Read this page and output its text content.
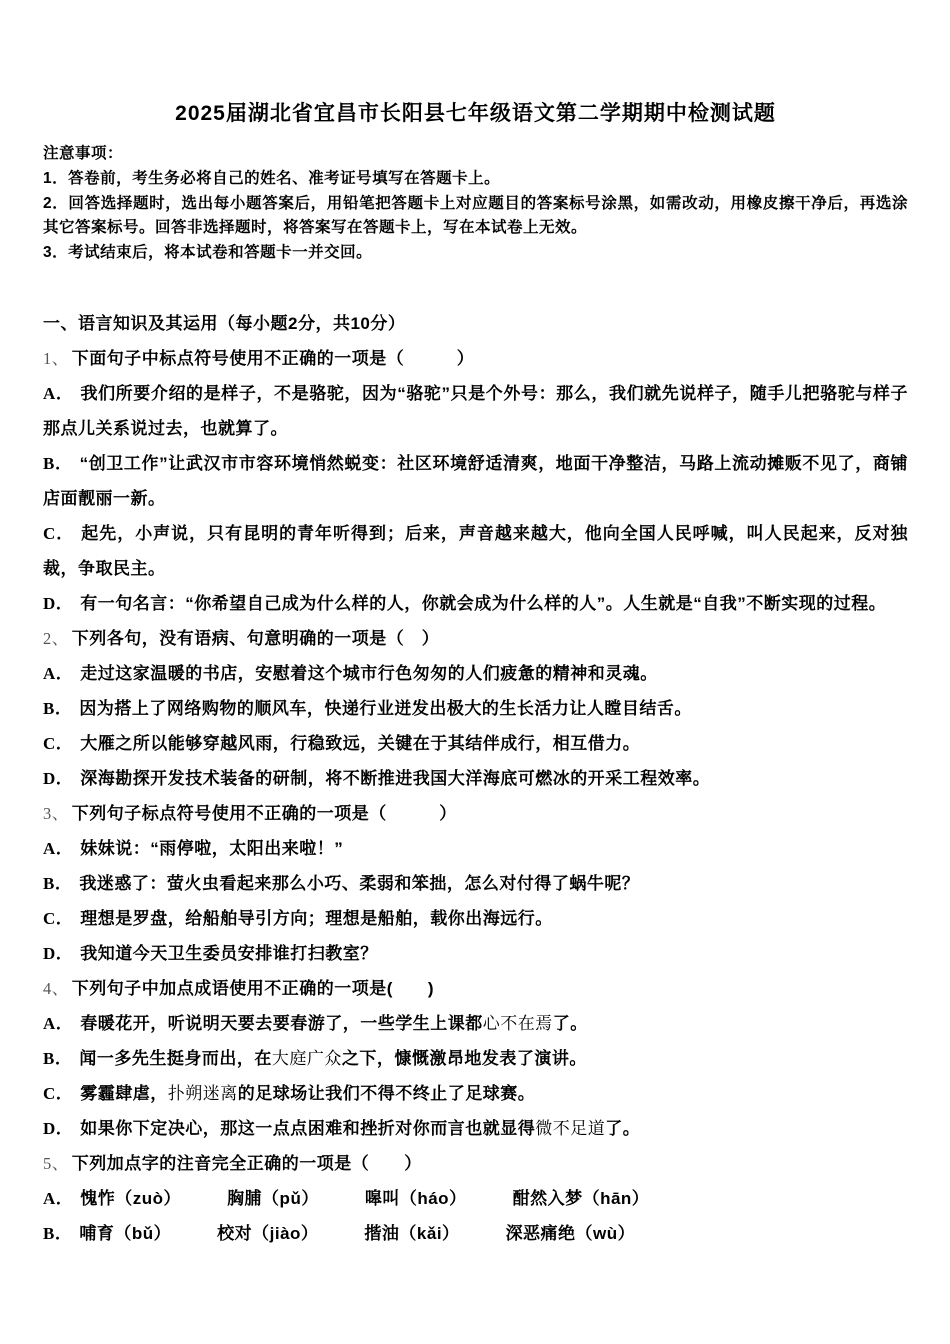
2025届湖北省宜昌市长阳县七年级语文第二学期期中检测试题
注意事项：
1．答卷前，考生务必将自己的姓名、准考证号填写在答题卡上。
2．回答选择题时，选出每小题答案后，用铅笔把答题卡上对应题目的答案标号涂黑，如需改动，用橡皮擦干净后，再选涂其它答案标号。回答非选择题时，将答案写在答题卡上，写在本试卷上无效。
3．考试结束后，将本试卷和答题卡一并交回。
一、语言知识及其运用（每小题2分，共10分）
1、 下面句子中标点符号使用不正确的一项是（　　　）
A． 我们所要介绍的是样子，不是骆驼，因为“骆驼”只是个外号：那么，我们就先说样子，随手儿把骆驼与样子那点儿关系说过去，也就算了。
B． “创卫工作”让武汉市市容环境悄然蜕变：社区环境舒适清爽，地面干净整洁，马路上流动摊贩不见了，商铺店面靓丽一新。
C． 起先，小声说，只有昆明的青年听得到；后来，声音越来越大，他向全国人民呼喊，叫人民起来，反对独裁，争取民主。
D． 有一句名言：“你希望自己成为什么样的人，你就会成为什么样的人”。人生就是“自我”不断实现的过程。
2、 下列各句，没有语病、句意明确的一项是（　）
A． 走过这家温暖的书店，安慰着这个城市行色匆匆的人们疲惫的精神和灵魂。
B． 因为搭上了网络购物的顺风车，快递行业迸发出极大的生长活力让人瞠目结舌。
C． 大雁之所以能够穿越风雨，行稳致远，关键在于其结伴成行，相互借力。
D． 深海勘探开发技术装备的研制，将不断推进我国大洋海底可燃冰的开采工程效率。
3、 下列句子标点符号使用不正确的一项是（　　　）
A． 妹妹说：“雨停啦，太阳出来啦！”
B． 我迷惑了：萤火虫看起来那么小巧、柔弱和笨拙，怎么对付得了蜗牛呢？
C． 理想是罗盘，给船舶导引方向；理想是船舶，载你出海远行。
D． 我知道今天卫生委员安排谁打扫教室？
4、 下列句子中加点成语使用不正确的一项是(　　)
A． 春暖花开，听说明天要去要春游了，一些学生上课都心不在焉了。
B． 闻一多先生挺身而出，在大庭广众之下，慷慨激昂地发表了演讲。
C． 雾霾肆虐，扑朔迷离的足球场让我们不得不终止了足球赛。
D． 如果你下定决心，那这一点点困难和挫折对你而言也就显得微不足道了。
5、 下列加点字的注音完全正确的一项是（　　）
A． 愧怍（zuò）	胸脯（pǔ）	嗥叫（háo）	酣然入梦（hān）
B． 哺育（bǔ）	校对（jiào）	揩油（kǎi）	深恶痛绝（wù）
